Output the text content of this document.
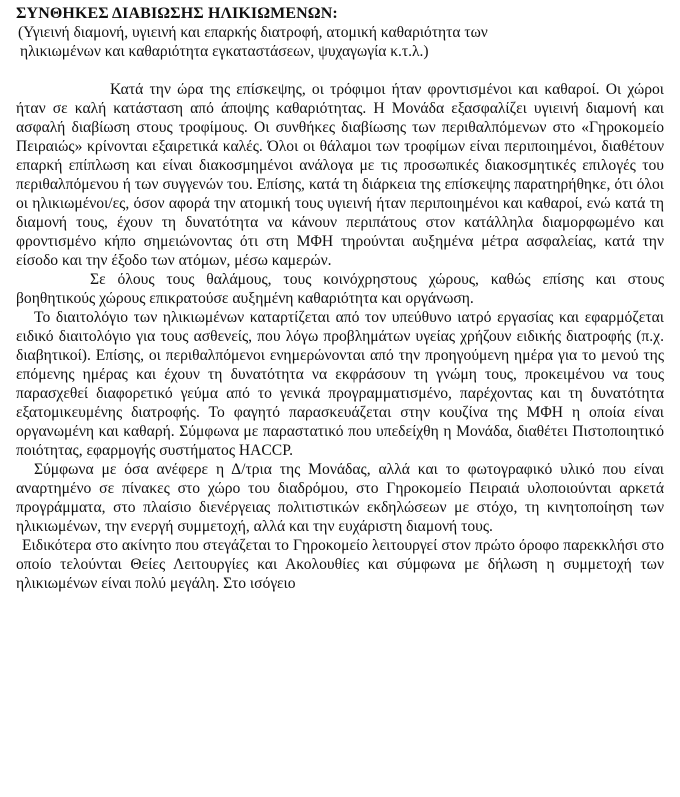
ΣΥΝΘΗΚΕΣ ΔΙΑΒΙΩΣΗΣ ΗΛΙΚΙΩΜΕΝΩΝ:

(Υγιεινή διαμονή, υγιεινή και επαρκής διατροφή, ατομική καθαριότητα των
ηλικιωμένων και καθαριότητα εγκαταστάσεων, ψυχαγωγία κ.τ.λ.)

Κατά την ώρα της επίσκεψης, οι τρόφιμοι ήταν φροντισμένοι και καθαροί. Οι χώροι ήταν σε καλή κατάσταση από άποψης καθαριότητας. Η Μονάδα εξασφαλίζει υγιεινή διαμονή και ασφαλή διαβίωση στους τροφίμους. Οι συνθήκες διαβίωσης των περιθαλπόμενων στο «Γηροκομείο Πειραιώς» κρίνονται εξαιρετικά καλές. Όλοι οι θάλαμοι των τροφίμων είναι περιποιημένοι, διαθέτουν επαρκή επίπλωση και είναι διακοσμημένοι ανάλογα με τις προσωπικές διακοσμητικές επιλογές του περιθαλπόμενου ή των συγγενών του. Επίσης, κατά τη διάρκεια της επίσκεψης παρατηρήθηκε, ότι όλοι οι ηλικιωμένοι/ες, όσον αφορά την ατομική τους υγιεινή ήταν περιποιημένοι και καθαροί, ενώ κατά τη διαμονή τους, έχουν τη δυνατότητα να κάνουν περιπάτους στον κατάλληλα διαμορφωμένο και φροντισμένο κήπο σημειώνοντας ότι στη ΜΦΗ τηρούνται αυξημένα μέτρα ασφαλείας, κατά την είσοδο και την έξοδο των ατόμων, μέσω καμερών.

Σε όλους τους θαλάμους, τους κοινόχρηστους χώρους, καθώς επίσης και στους βοηθητικούς χώρους επικρατούσε αυξημένη καθαριότητα και οργάνωση.

Το διαιτολόγιο των ηλικιωμένων καταρτίζεται από τον υπεύθυνο ιατρό εργασίας και εφαρμόζεται ειδικό διαιτολόγιο για τους ασθενείς, που λόγω προβλημάτων υγείας χρήζουν ειδικής διατροφής (π.χ. διαβητικοί). Επίσης, οι περιθαλπόμενοι ενημερώνονται από την προηγούμενη ημέρα για το μενού της επόμενης ημέρας και έχουν τη δυνατότητα να εκφράσουν τη γνώμη τους, προκειμένου να τους παρασχεθεί διαφορετικό γεύμα από το γενικά προγραμματισμένο, παρέχοντας και τη δυνατότητα εξατομικευμένης διατροφής. Το φαγητό παρασκευάζεται στην κουζίνα της ΜΦΗ η οποία είναι οργανωμένη και καθαρή. Σύμφωνα με παραστατικό που υπεδείχθη η Μονάδα, διαθέτει Πιστοποιητικό ποιότητας, εφαρμογής συστήματος HACCP.

Σύμφωνα με όσα ανέφερε η Δ/τρια της Μονάδας, αλλά και το φωτογραφικό υλικό που είναι αναρτημένο σε πίνακες στο χώρο του διαδρόμου, στο Γηροκομείο Πειραιά υλοποιούνται αρκετά προγράμματα, στο πλαίσιο διενέργειας πολιτιστικών εκδηλώσεων με στόχο, τη κινητοποίηση των ηλικιωμένων, την ενεργή συμμετοχή, αλλά και την ευχάριστη διαμονή τους.

Ειδικότερα στο ακίνητο που στεγάζεται το Γηροκομείο λειτουργεί στον πρώτο όροφο παρεκκλήσι στο οποίο τελούνται Θείες Λειτουργίες και Ακολουθίες και σύμφωνα με δήλωση η συμμετοχή των ηλικιωμένων είναι πολύ μεγάλη. Στο ισόγειο
